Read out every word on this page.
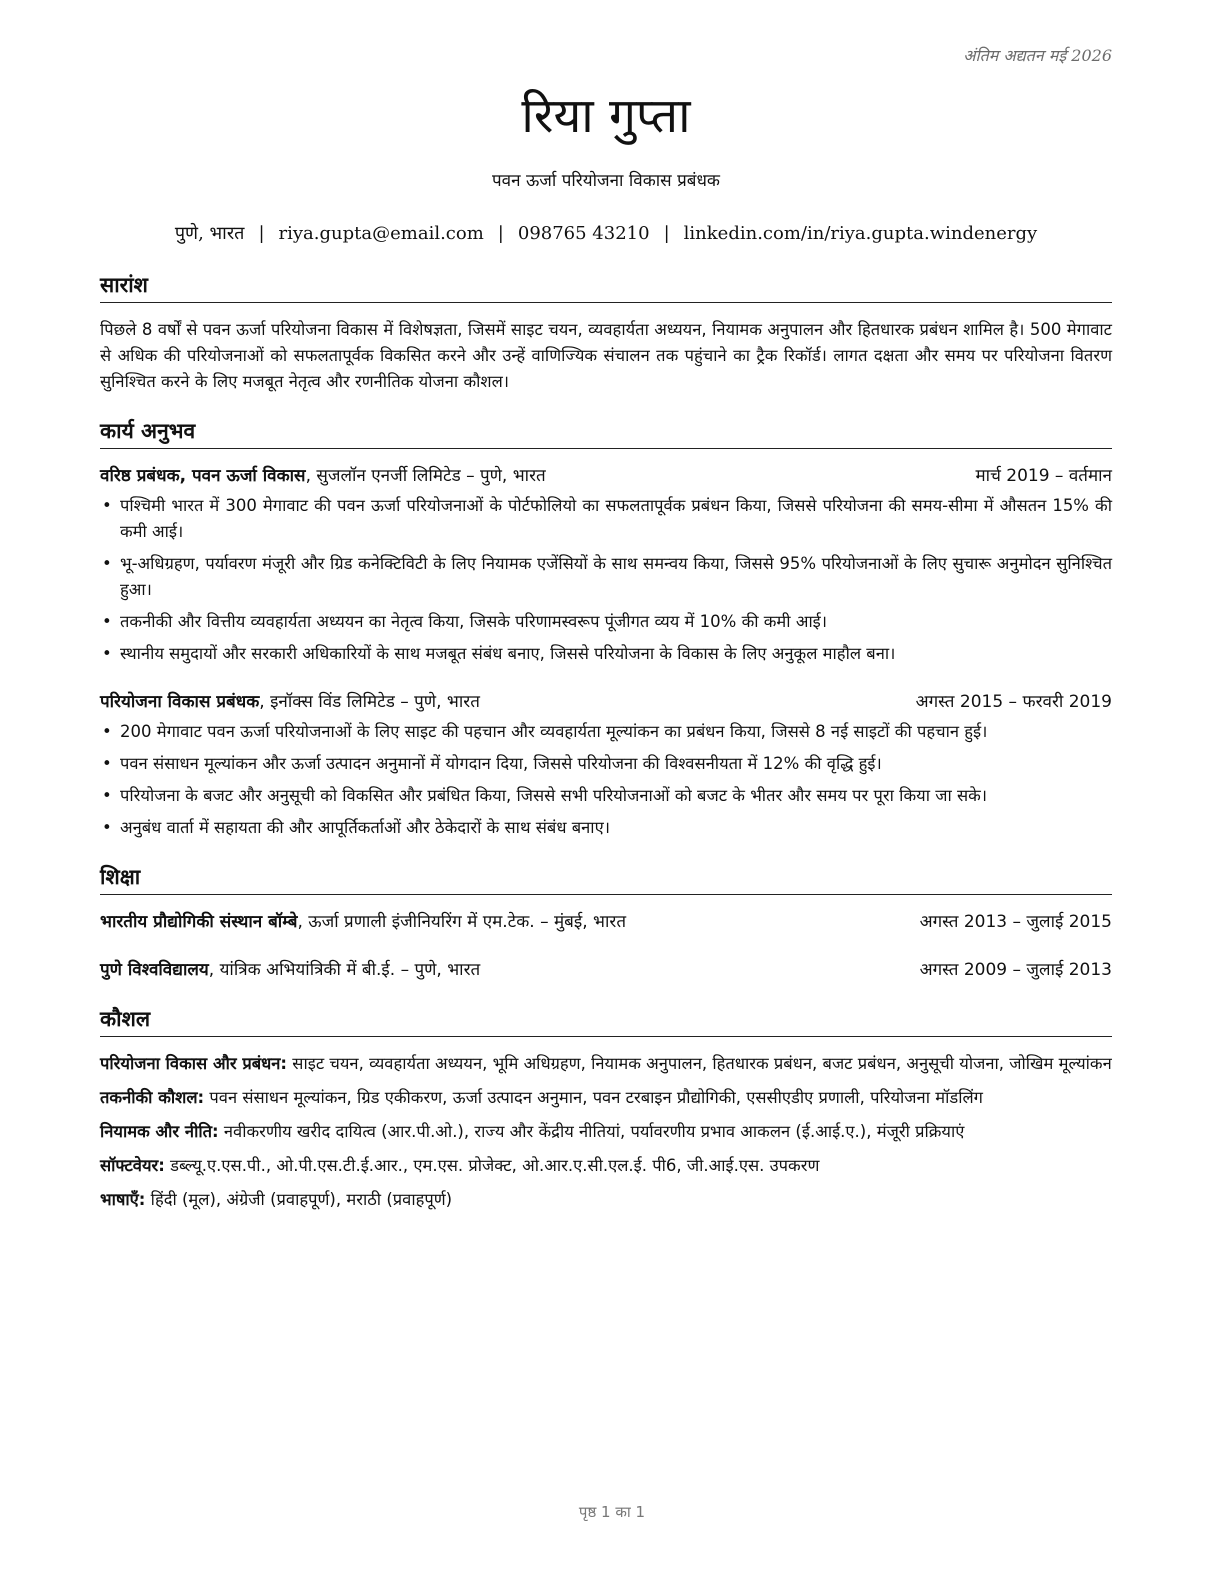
अंतिम अद्यतन मई 2026
रिया गुप्ता
पवन ऊर्जा परियोजना विकास प्रबंधक
पुणे, भारत | riya.gupta@email.com | 098765 43210 | linkedin.com/in/riya.gupta.windenergy
सारांश
पिछले 8 वर्षों से पवन ऊर्जा परियोजना विकास में विशेषज्ञता, जिसमें साइट चयन, व्यवहार्यता अध्ययन, नियामक अनुपालन और हितधारक प्रबंधन शामिल है। 500 मेगावाट से अधिक की परियोजनाओं को सफलतापूर्वक विकसित करने और उन्हें वाणिज्यिक संचालन तक पहुंचाने का ट्रैक रिकॉर्ड। लागत दक्षता और समय पर परियोजना वितरण सुनिश्चित करने के लिए मजबूत नेतृत्व और रणनीतिक योजना कौशल।
कार्य अनुभव
वरिष्ठ प्रबंधक, पवन ऊर्जा विकास, सुजलॉन एनर्जी लिमिटेड – पुणे, भारत	मार्च 2019 – वर्तमान
• पश्चिमी भारत में 300 मेगावाट की पवन ऊर्जा परियोजनाओं के पोर्टफोलियो का सफलतापूर्वक प्रबंधन किया, जिससे परियोजना की समय-सीमा में औसतन 15% की कमी आई।
• भू-अधिग्रहण, पर्यावरण मंजूरी और ग्रिड कनेक्टिविटी के लिए नियामक एजेंसियों के साथ समन्वय किया, जिससे 95% परियोजनाओं के लिए सुचारू अनुमोदन सुनिश्चित हुआ।
• तकनीकी और वित्तीय व्यवहार्यता अध्ययन का नेतृत्व किया, जिसके परिणामस्वरूप पूंजीगत व्यय में 10% की कमी आई।
• स्थानीय समुदायों और सरकारी अधिकारियों के साथ मजबूत संबंध बनाए, जिससे परियोजना के विकास के लिए अनुकूल माहौल बना।
परियोजना विकास प्रबंधक, इनॉक्स विंड लिमिटेड – पुणे, भारत	अगस्त 2015 – फरवरी 2019
• 200 मेगावाट पवन ऊर्जा परियोजनाओं के लिए साइट की पहचान और व्यवहार्यता मूल्यांकन का प्रबंधन किया, जिससे 8 नई साइटों की पहचान हुई।
• पवन संसाधन मूल्यांकन और ऊर्जा उत्पादन अनुमानों में योगदान दिया, जिससे परियोजना की विश्वसनीयता में 12% की वृद्धि हुई।
• परियोजना के बजट और अनुसूची को विकसित और प्रबंधित किया, जिससे सभी परियोजनाओं को बजट के भीतर और समय पर पूरा किया जा सके।
• अनुबंध वार्ता में सहायता की और आपूर्तिकर्ताओं और ठेकेदारों के साथ संबंध बनाए।
शिक्षा
भारतीय प्रौद्योगिकी संस्थान बॉम्बे, ऊर्जा प्रणाली इंजीनियरिंग में एम.टेक. – मुंबई, भारत	अगस्त 2013 – जुलाई 2015
पुणे विश्वविद्यालय, यांत्रिक अभियांत्रिकी में बी.ई. – पुणे, भारत	अगस्त 2009 – जुलाई 2013
कौशल
परियोजना विकास और प्रबंधन: साइट चयन, व्यवहार्यता अध्ययन, भूमि अधिग्रहण, नियामक अनुपालन, हितधारक प्रबंधन, बजट प्रबंधन, अनुसूची योजना, जोखिम मूल्यांकन
तकनीकी कौशल: पवन संसाधन मूल्यांकन, ग्रिड एकीकरण, ऊर्जा उत्पादन अनुमान, पवन टरबाइन प्रौद्योगिकी, एससीएडीए प्रणाली, परियोजना मॉडलिंग
नियामक और नीति: नवीकरणीय खरीद दायित्व (आर.पी.ओ.), राज्य और केंद्रीय नीतियां, पर्यावरणीय प्रभाव आकलन (ई.आई.ए.), मंजूरी प्रक्रियाएं
सॉफ्टवेयर: डब्ल्यू.ए.एस.पी., ओ.पी.एस.टी.ई.आर., एम.एस. प्रोजेक्ट, ओ.आर.ए.सी.एल.ई. पी6, जी.आई.एस. उपकरण
भाषाएँ: हिंदी (मूल), अंग्रेजी (प्रवाहपूर्ण), मराठी (प्रवाहपूर्ण)
पृष्ठ 1 का 1
